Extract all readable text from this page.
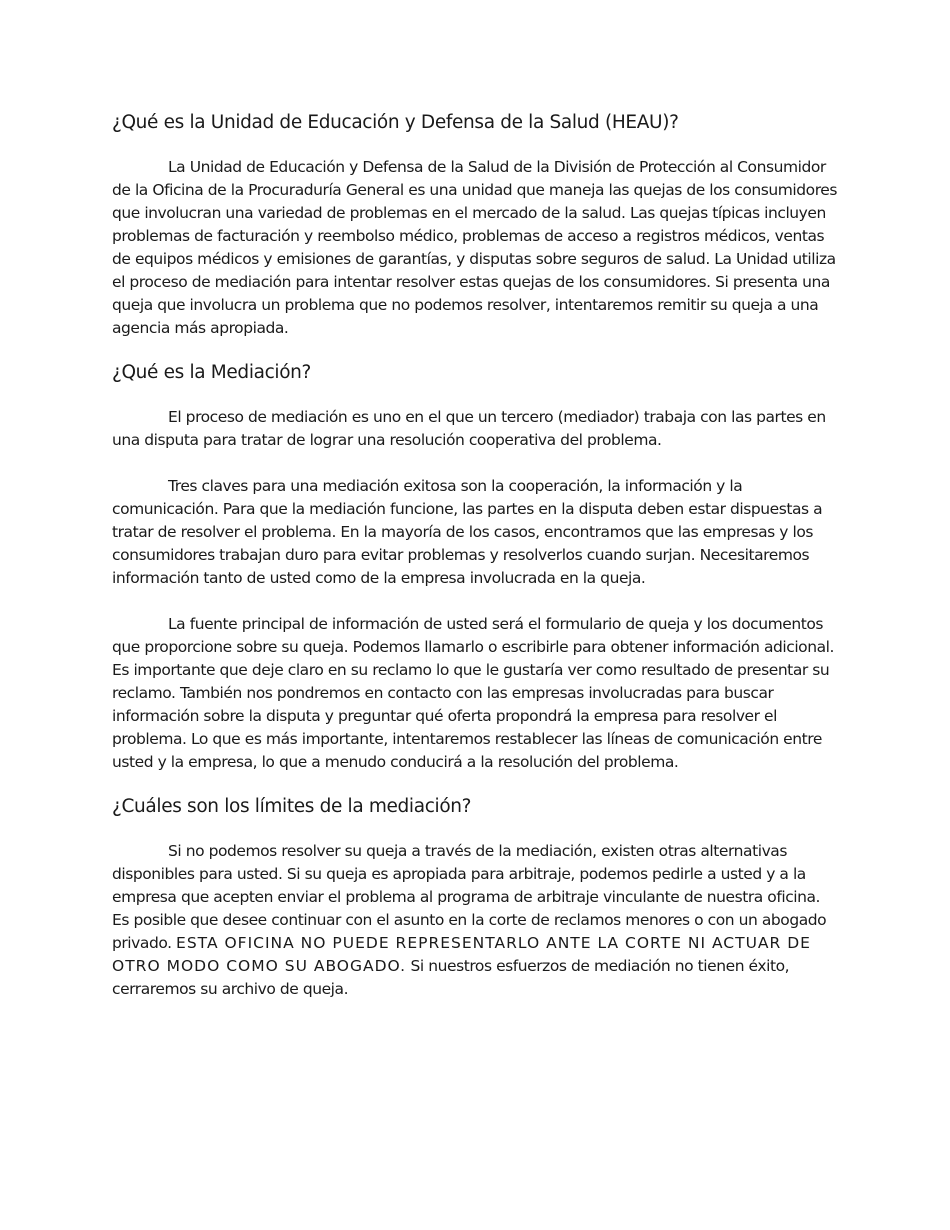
¿Qué es la Unidad de Educación y Defensa de la Salud (HEAU)?

La Unidad de Educación y Defensa de la Salud de la División de Protección al Consumidor de la Oficina de la Procuraduría General es una unidad que maneja las quejas de los consumidores que involucran una variedad de problemas en el mercado de la salud. Las quejas típicas incluyen problemas de facturación y reembolso médico, problemas de acceso a registros médicos, ventas de equipos médicos y emisiones de garantías, y disputas sobre seguros de salud. La Unidad utiliza el proceso de mediación para intentar resolver estas quejas de los consumidores. Si presenta una queja que involucra un problema que no podemos resolver, intentaremos remitir su queja a una agencia más apropiada.

¿Qué es la Mediación?

El proceso de mediación es uno en el que un tercero (mediador) trabaja con las partes en una disputa para tratar de lograr una resolución cooperativa del problema.

Tres claves para una mediación exitosa son la cooperación, la información y la comunicación. Para que la mediación funcione, las partes en la disputa deben estar dispuestas a tratar de resolver el problema. En la mayoría de los casos, encontramos que las empresas y los consumidores trabajan duro para evitar problemas y resolverlos cuando surjan. Necesitaremos información tanto de usted como de la empresa involucrada en la queja.

La fuente principal de información de usted será el formulario de queja y los documentos que proporcione sobre su queja. Podemos llamarlo o escribirle para obtener información adicional. Es importante que deje claro en su reclamo lo que le gustaría ver como resultado de presentar su reclamo. También nos pondremos en contacto con las empresas involucradas para buscar información sobre la disputa y preguntar qué oferta propondrá la empresa para resolver el problema. Lo que es más importante, intentaremos restablecer las líneas de comunicación entre usted y la empresa, lo que a menudo conducirá a la resolución del problema.

¿Cuáles son los límites de la mediación?

Si no podemos resolver su queja a través de la mediación, existen otras alternativas disponibles para usted. Si su queja es apropiada para arbitraje, podemos pedirle a usted y a la empresa que acepten enviar el problema al programa de arbitraje vinculante de nuestra oficina. Es posible que desee continuar con el asunto en la corte de reclamos menores o con un abogado privado. ESTA OFICINA NO PUEDE REPRESENTARLO ANTE LA CORTE NI ACTUAR DE OTRO MODO COMO SU ABOGADO. Si nuestros esfuerzos de mediación no tienen éxito, cerraremos su archivo de queja.
